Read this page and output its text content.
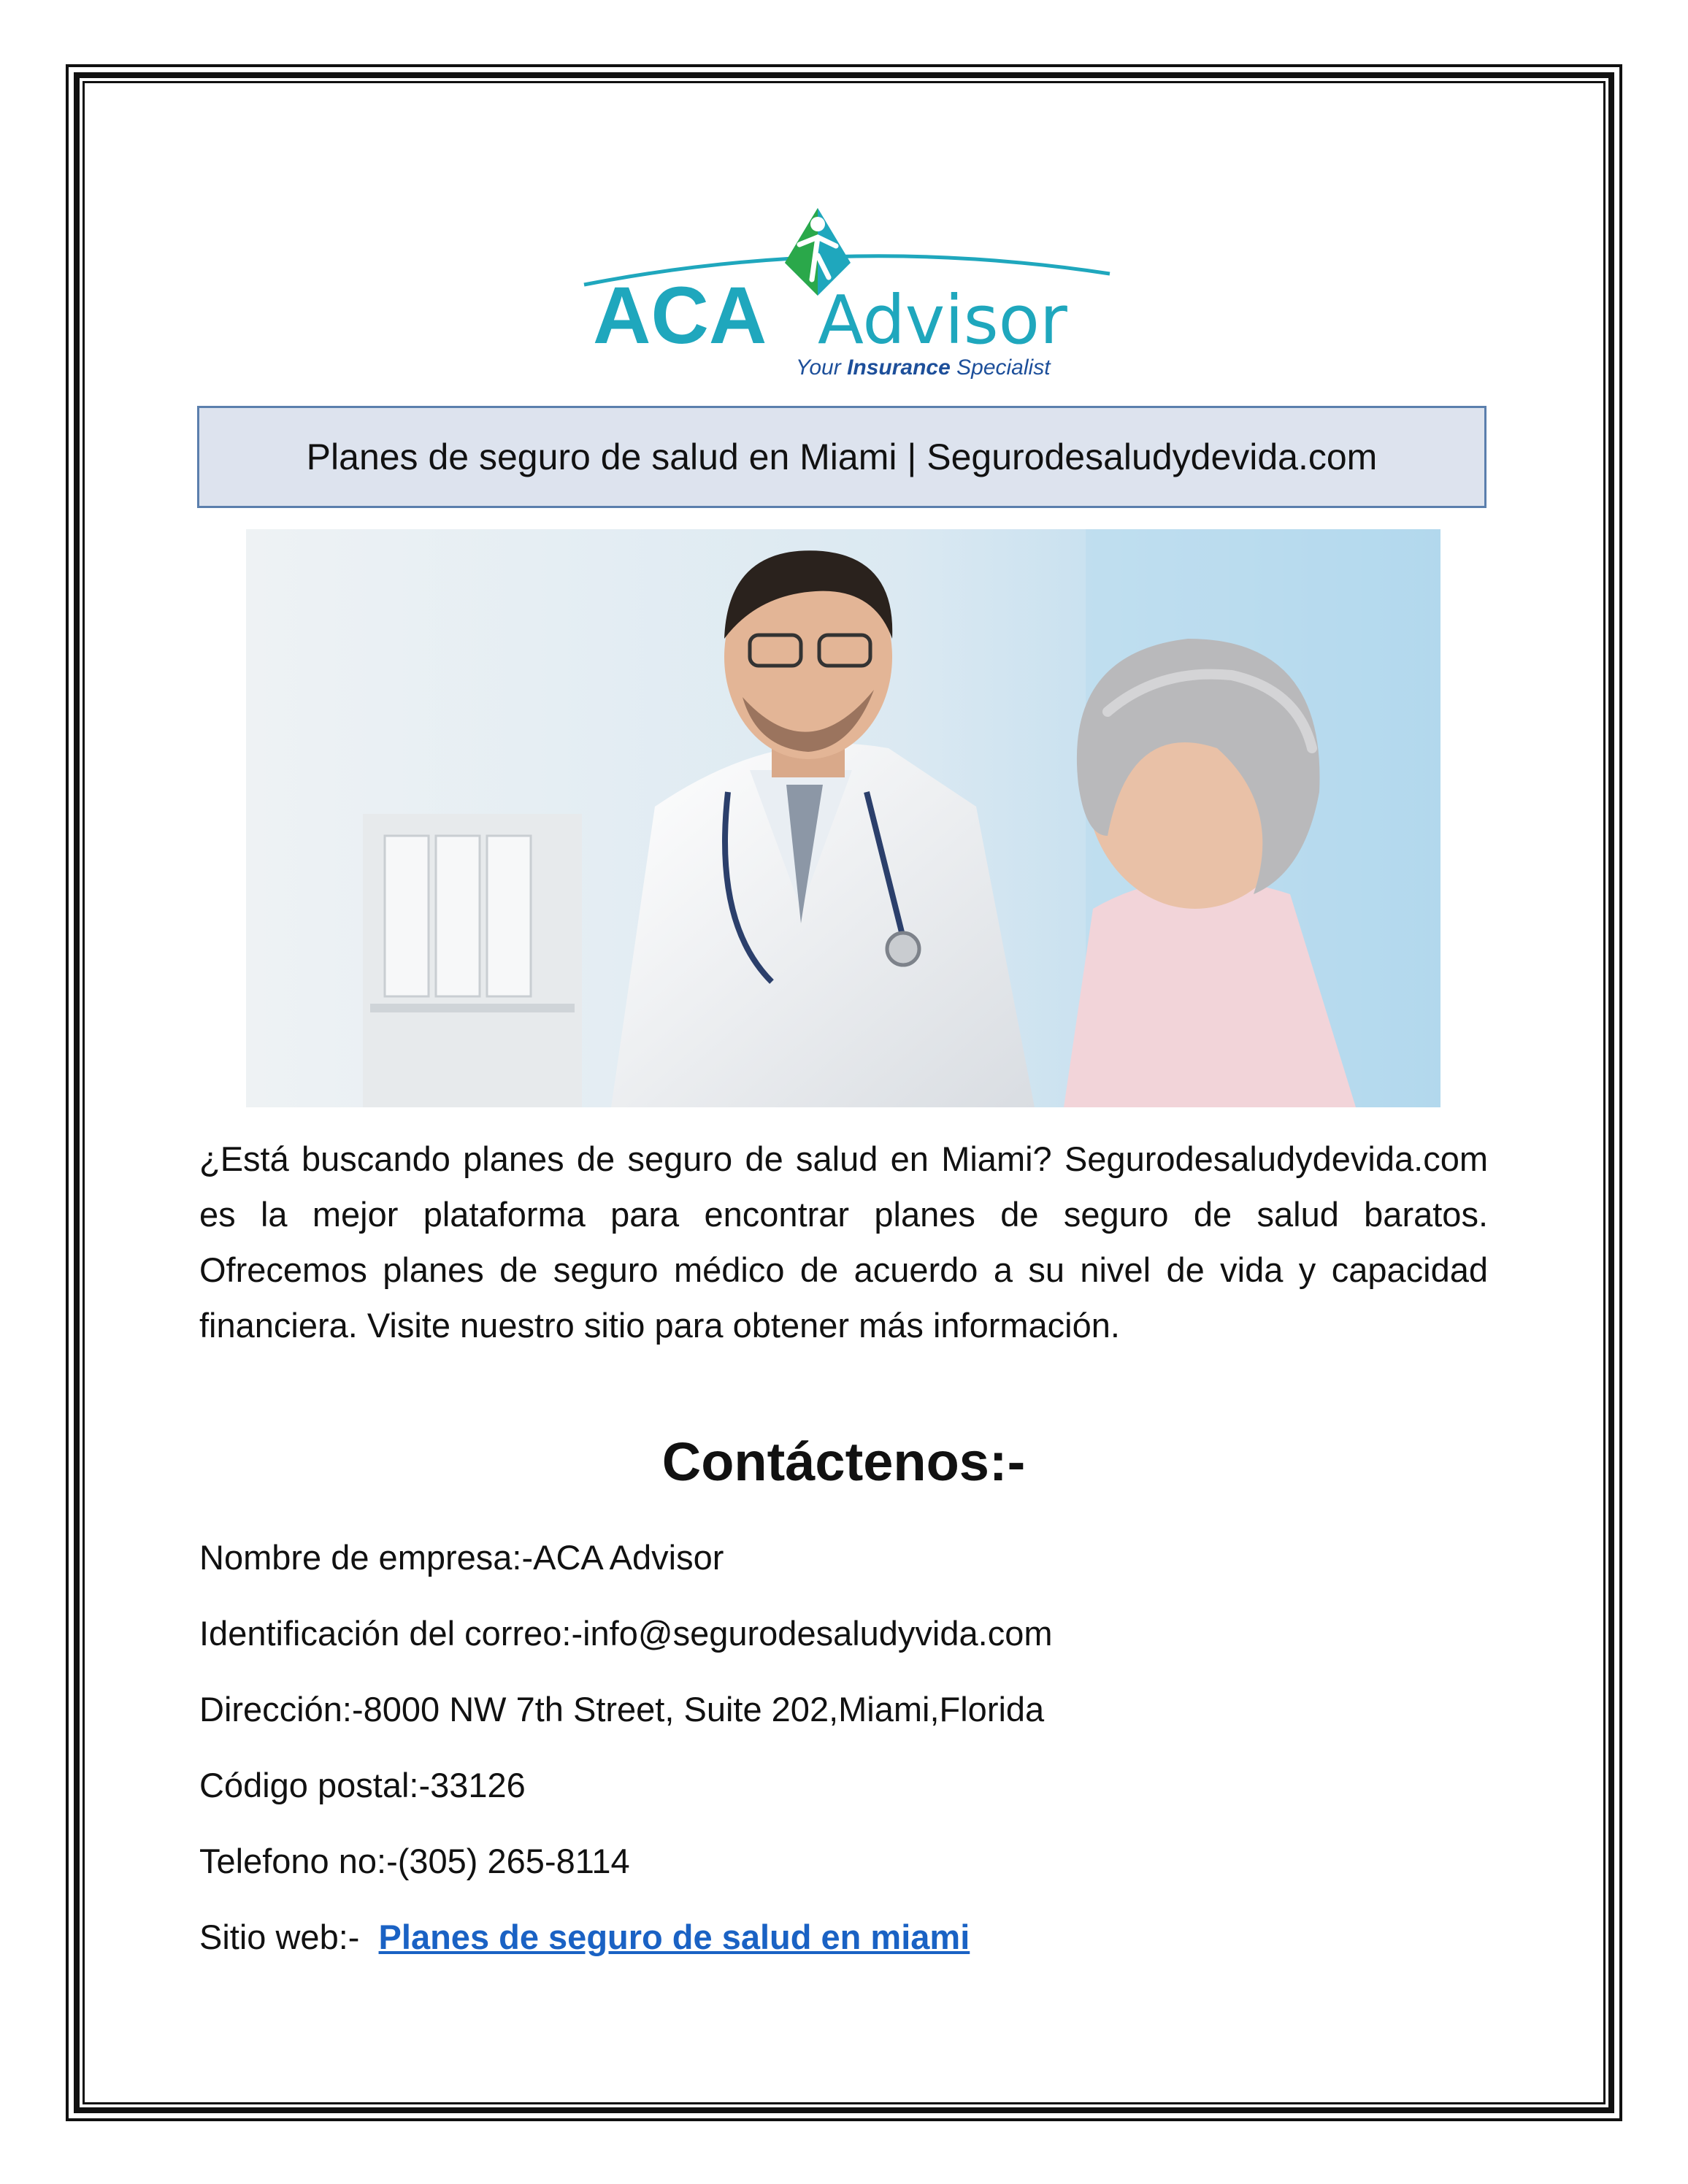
ACA Advisor
Your Insurance Specialist
Planes de seguro de salud en Miami | Segurodesaludydevida.com

¿Está buscando planes de seguro de salud en Miami? Segurodesaludydevida.com es la mejor plataforma para encontrar planes de seguro de salud baratos. Ofrecemos planes de seguro médico de acuerdo a su nivel de vida y capacidad financiera. Visite nuestro sitio para obtener más información.

Contáctenos:-

Nombre de empresa:-ACA Advisor

Identificación del correo:-info@segurodesaludyvida.com

Dirección:-8000 NW 7th Street, Suite 202,Miami,Florida

Código postal:-33126

Telefono no:-(305) 265-8114

Sitio web:- Planes de seguro de salud en miami
